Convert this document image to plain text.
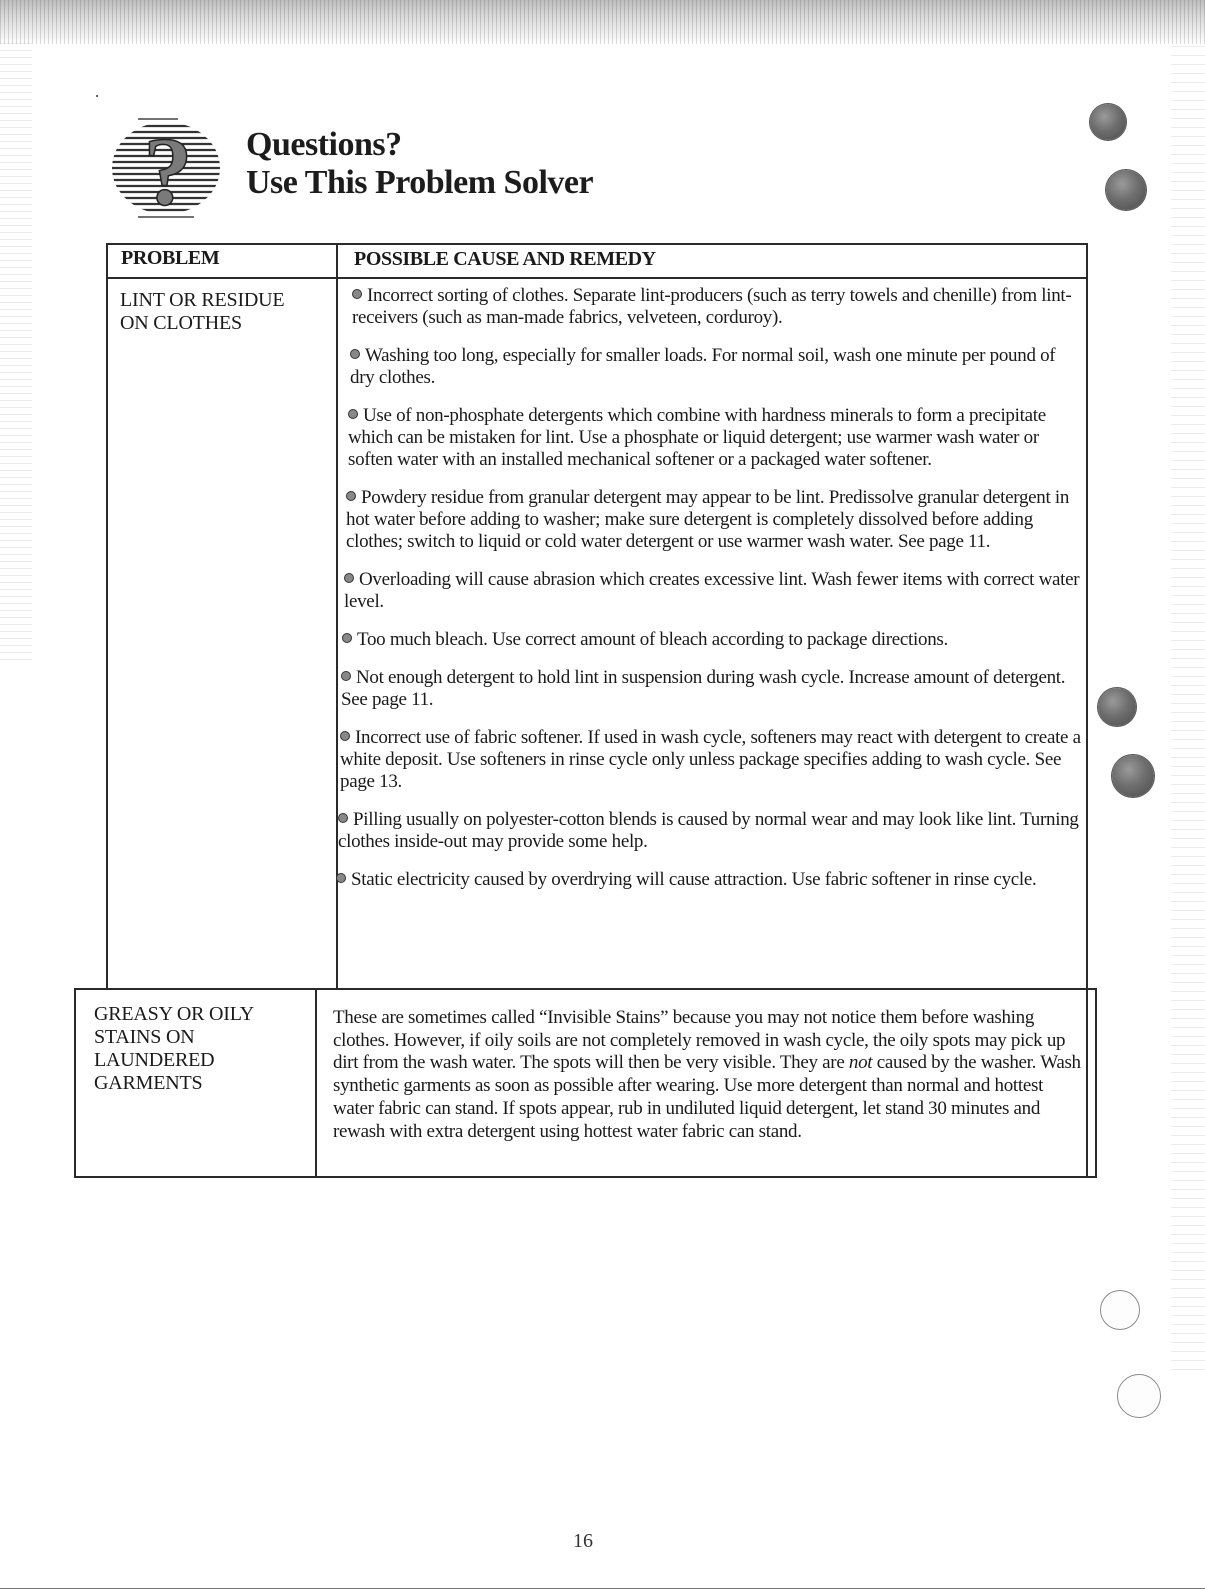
? Questions?
Use This Problem Solver
PROBLEM	POSSIBLE CAUSE AND REMEDY
LINT OR RESIDUE
ON CLOTHES
Incorrect sorting of clothes. Separate lint-producers (such as terry towels and chenille) from lint-receivers (such as man-made fabrics, velveteen, corduroy).
Washing too long, especially for smaller loads. For normal soil, wash one minute per pound of dry clothes.
Use of non-phosphate detergents which combine with hardness minerals to form a precipitate which can be mistaken for lint. Use a phosphate or liquid detergent; use warmer wash water or soften water with an installed mechanical softener or a packaged water softener.
Powdery residue from granular detergent may appear to be lint. Predissolve granular detergent in hot water before adding to washer; make sure detergent is completely dissolved before adding clothes; switch to liquid or cold water detergent or use warmer wash water. See page 11.
Overloading will cause abrasion which creates excessive lint. Wash fewer items with correct water level.
Too much bleach. Use correct amount of bleach according to package directions.
Not enough detergent to hold lint in suspension during wash cycle. Increase amount of detergent. See page 11.
Incorrect use of fabric softener. If used in wash cycle, softeners may react with detergent to create a white deposit. Use softeners in rinse cycle only unless package specifies adding to wash cycle. See page 13.
Pilling usually on polyester-cotton blends is caused by normal wear and may look like lint. Turning clothes inside-out may provide some help.
Static electricity caused by overdrying will cause attraction. Use fabric softener in rinse cycle.
GREASY OR OILY
STAINS ON
LAUNDERED
GARMENTS
These are sometimes called “Invisible Stains” because you may not notice them before washing clothes. However, if oily soils are not completely removed in wash cycle, the oily spots may pick up dirt from the wash water. The spots will then be very visible. They are not caused by the washer. Wash synthetic garments as soon as possible after wearing. Use more detergent than normal and hottest water fabric can stand. If spots appear, rub in undiluted liquid detergent, let stand 30 minutes and rewash with extra detergent using hottest water fabric can stand.
16
